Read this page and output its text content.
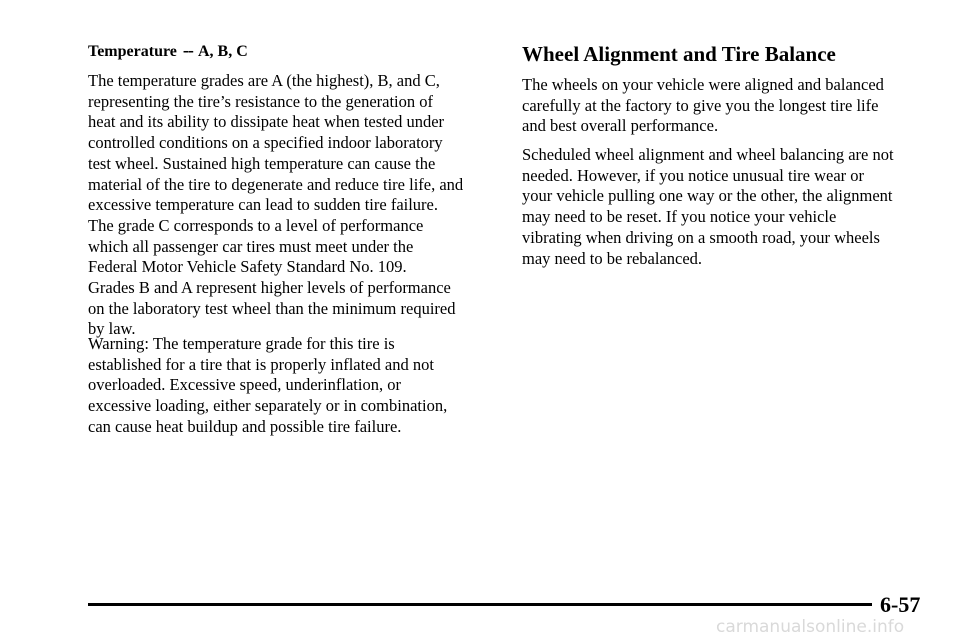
Temperature -- A, B, C
The temperature grades are A (the highest), B, and C,
representing the tire’s resistance to the generation of
heat and its ability to dissipate heat when tested under
controlled conditions on a specified indoor laboratory
test wheel. Sustained high temperature can cause the
material of the tire to degenerate and reduce tire life, and
excessive temperature can lead to sudden tire failure.
The grade C corresponds to a level of performance
which all passenger car tires must meet under the
Federal Motor Vehicle Safety Standard No. 109.
Grades B and A represent higher levels of performance
on the laboratory test wheel than the minimum required
by law.
Warning: The temperature grade for this tire is
established for a tire that is properly inflated and not
overloaded. Excessive speed, underinflation, or
excessive loading, either separately or in combination,
can cause heat buildup and possible tire failure.
Wheel Alignment and Tire Balance
The wheels on your vehicle were aligned and balanced
carefully at the factory to give you the longest tire life
and best overall performance.
Scheduled wheel alignment and wheel balancing are not
needed. However, if you notice unusual tire wear or
your vehicle pulling one way or the other, the alignment
may need to be reset. If you notice your vehicle
vibrating when driving on a smooth road, your wheels
may need to be rebalanced.
6-57
carmanualsonline.info
